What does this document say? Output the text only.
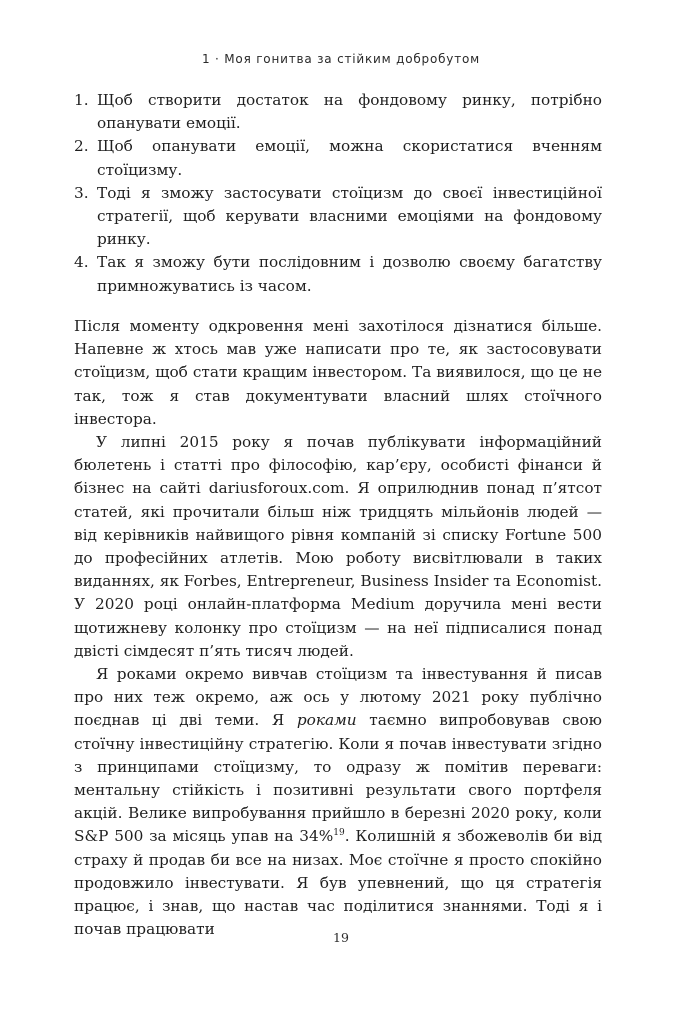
1 · Моя гонитва за стійким добробутом
1. Щоб створити достаток на фондовому ринку, потрібно опанувати емоції.
2. Щоб опанувати емоції, можна скористатися вченням стоїцизму.
3. Тоді я зможу застосувати стоїцизм до своєї інвестиційної стратегії, щоб керувати власними емоціями на фондовому ринку.
4. Так я зможу бути послідовним і дозволю своєму багатству примножуватись із часом.

Після моменту одкровення мені захотілося дізнатися більше. Напевне ж хтось мав уже написати про те, як застосовувати стоїцизм, щоб стати кращим інвестором. Та виявилося, що це не так, тож я став документувати власний шлях стоїчного інвестора.

У липні 2015 року я почав публікувати інформаційний бюлетень і статті про філософію, кар’єру, особисті фінанси й бізнес на сайті dariusforoux.com. Я оприлюднив понад п’ятсот статей, які прочитали більш ніж тридцять мільйонів людей — від керівників найвищого рівня компаній зі списку Fortune 500 до професійних атлетів. Мою роботу висвітлювали в таких виданнях, як Forbes, Entrepreneur, Business Insider та Economist. У 2020 році онлайн-платформа Medium доручила мені вести щотижневу колонку про стоїцизм — на неї підписалися понад двісті сімдесят п’ять тисяч людей.

Я роками окремо вивчав стоїцизм та інвестування й писав про них теж окремо, аж ось у лютому 2021 року публічно поєднав ці дві теми. Я роками таємно випробовував свою стоїчну інвестиційну стратегію. Коли я почав інвестувати згідно з принципами стоїцизму, то одразу ж помітив переваги: ментальну стійкість і позитивні результати свого портфеля акцій. Велике випробування прийшло в березні 2020 року, коли S&P 500 за місяць упав на 34%$^{19}$. Колишній я збожеволів би від страху й продав би все на низах. Моє стоїчне я просто спокійно продовжило інвестувати. Я був упевнений, що ця стратегія працює, і знав, що настав час поділитися знаннями. Тоді я і почав працювати	19
